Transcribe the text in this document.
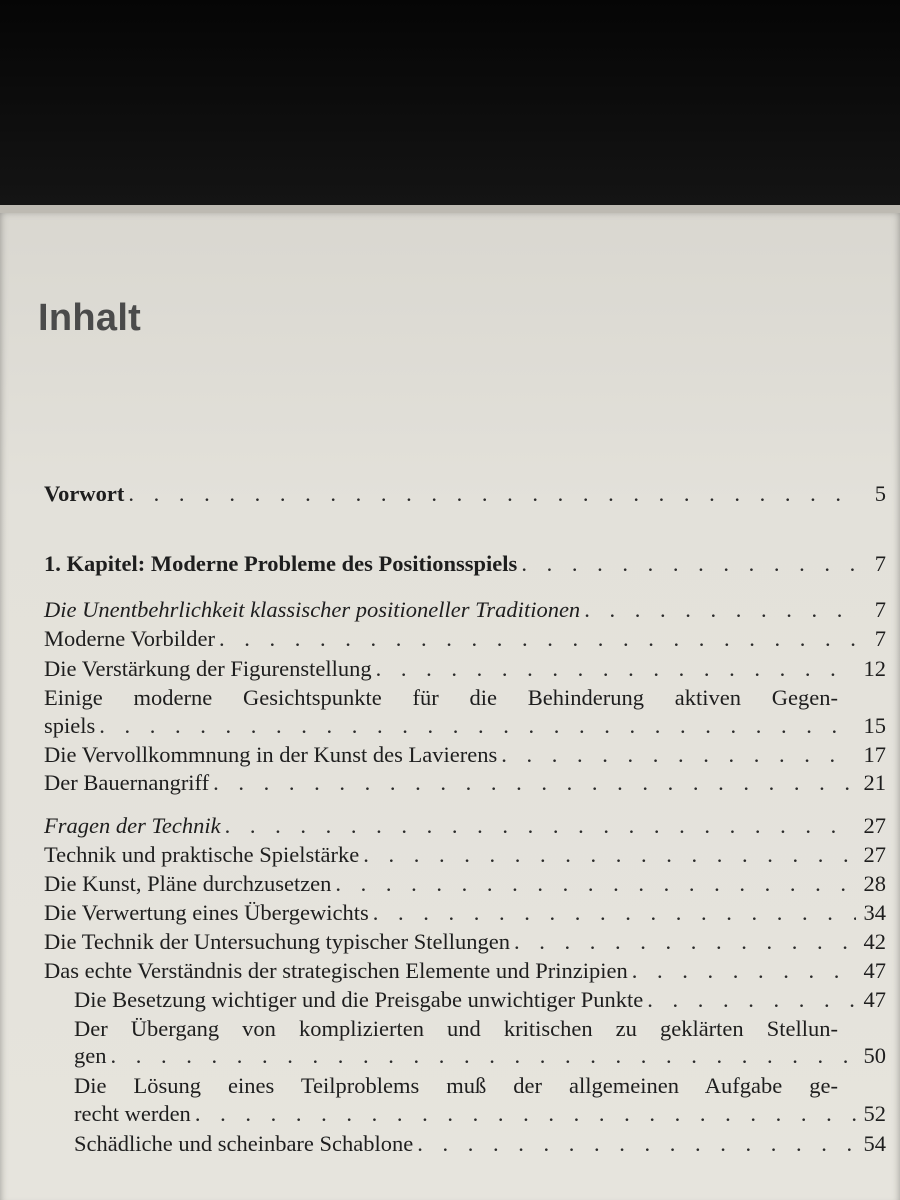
Inhalt
Vorwort . . .	5
1. Kapitel: Moderne Probleme des Positionsspiels . . .	7
Die Unentbehrlichkeit klassischer positioneller Traditionen . . .	7
Moderne Vorbilder . . .	7
Die Verstärkung der Figurenstellung . . .	12
Einige moderne Gesichtspunkte für die Behinderung aktiven Gegen-
spiels . . .	15
Die Vervollkommnung in der Kunst des Lavierens . . .	17
Der Bauernangriff . . .	21
Fragen der Technik . . .	27
Technik und praktische Spielstärke . . .	27
Die Kunst, Pläne durchzusetzen . . .	28
Die Verwertung eines Übergewichts . . .	34
Die Technik der Untersuchung typischer Stellungen . . .	42
Das echte Verständnis der strategischen Elemente und Prinzipien . . .	47
Die Besetzung wichtiger und die Preisgabe unwichtiger Punkte . . .	47
Der Übergang von komplizierten und kritischen zu geklärten Stellun-
gen . . .	50
Die Lösung eines Teilproblems muß der allgemeinen Aufgabe ge-
recht werden . . .	52
Schädliche und scheinbare Schablone . . .	54
